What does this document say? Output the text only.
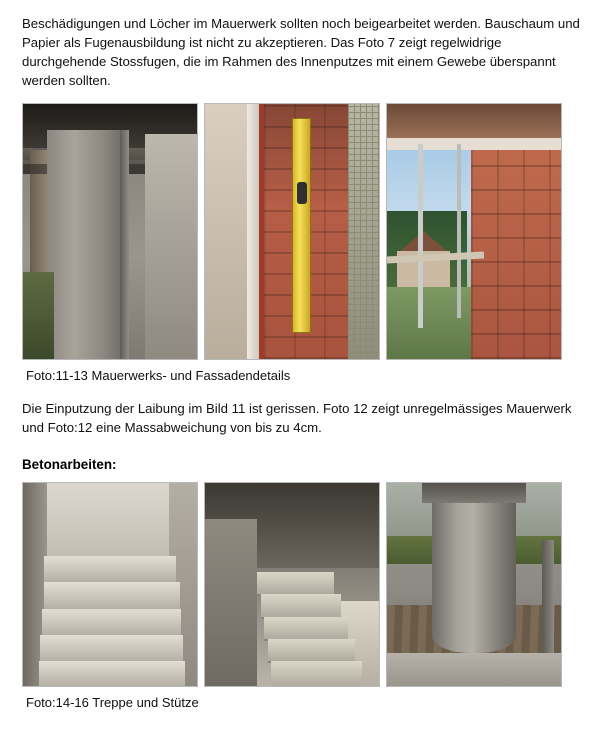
Beschädigungen und Löcher im Mauerwerk sollten noch beigearbeitet werden. Bauschaum und Papier als Fugenausbildung ist nicht zu akzeptieren. Das Foto 7 zeigt regelwidrige durchgehende Stossfugen, die im Rahmen des Innenputzes mit einem Gewebe überspannt werden sollten.

Foto:11-13 Mauerwerks- und Fassadendetails

Die Einputzung der Laibung im Bild 11 ist gerissen. Foto 12 zeigt unregelmässiges Mauerwerk und Foto:12 eine Massabweichung von bis zu 4cm.

Betonarbeiten:
Foto:14-16 Treppe und Stütze
